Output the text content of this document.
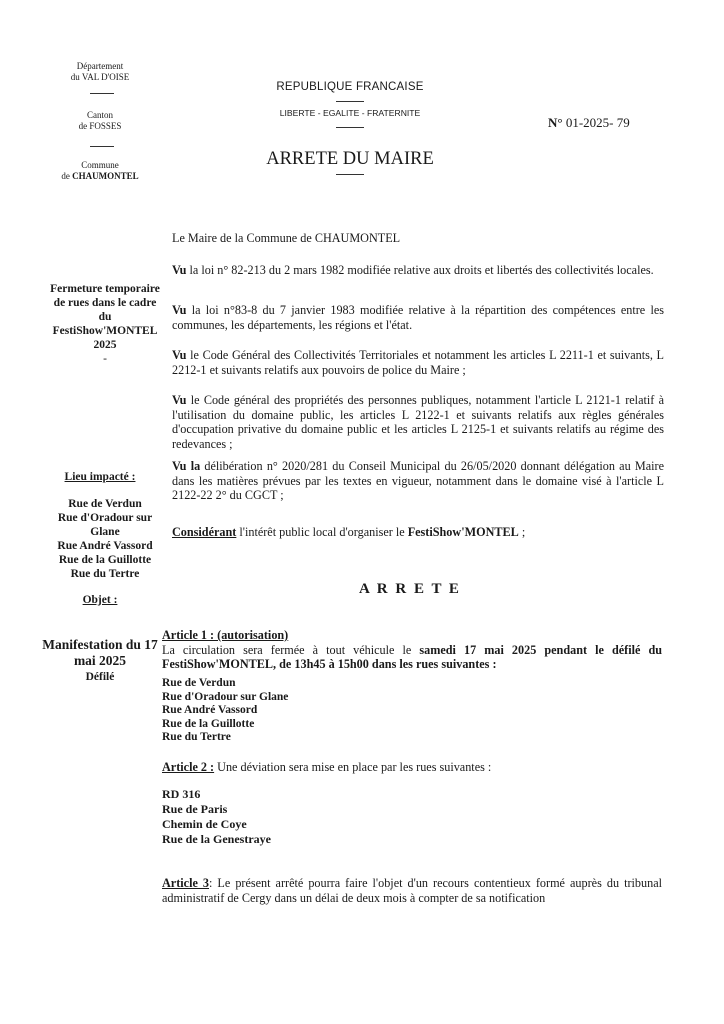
Département
du VAL D'OISE
Canton
de FOSSES
Commune
de CHAUMONTEL
REPUBLIQUE FRANCAISE
LIBERTE - EGALITE - FRATERNITE
N° 01-2025- 79
ARRETE DU MAIRE
Fermeture temporaire de rues dans le cadre du FestiShow'MONTEL 2025
-
Lieu impacté :
Rue de Verdun
Rue d'Oradour sur Glane
Rue André Vassord
Rue de la Guillotte
Rue du Tertre
Objet :
Manifestation du 17 mai 2025
Défilé
Le Maire de la Commune de CHAUMONTEL
Vu la loi n° 82-213 du 2 mars 1982 modifiée relative aux droits et libertés des collectivités locales.
Vu la loi n°83-8 du 7 janvier 1983 modifiée relative à la répartition des compétences entre les communes, les départements, les régions et l'état.
Vu le Code Général des Collectivités Territoriales et notamment les articles L 2211-1 et suivants, L 2212-1 et suivants relatifs aux pouvoirs de police du Maire ;
Vu le Code général des propriétés des personnes publiques, notamment l'article L 2121-1 relatif à l'utilisation du domaine public, les articles L 2122-1 et suivants relatifs aux règles générales d'occupation privative du domaine public et les articles L 2125-1 et suivants relatifs au régime des redevances ;
Vu la délibération n° 2020/281 du Conseil Municipal du 26/05/2020 donnant délégation au Maire dans les matières prévues par les textes en vigueur, notamment dans le domaine visé à l'article L 2122-22 2° du CGCT ;
Considérant l'intérêt public local d'organiser le FestiShow'MONTEL ;
A R R E T E
Article 1 : (autorisation)
La circulation sera fermée à tout véhicule le samedi 17 mai 2025 pendant le défilé du FestiShow'MONTEL, de 13h45 à 15h00 dans les rues suivantes :
Rue de Verdun
Rue d'Oradour sur Glane
Rue André Vassord
Rue de la Guillotte
Rue du Tertre
Article 2 : Une déviation sera mise en place par les rues suivantes :
RD 316
Rue de Paris
Chemin de Coye
Rue de la Genestraye
Article 3: Le présent arrêté pourra faire l'objet d'un recours contentieux formé auprès du tribunal administratif de Cergy dans un délai de deux mois à compter de sa notification
